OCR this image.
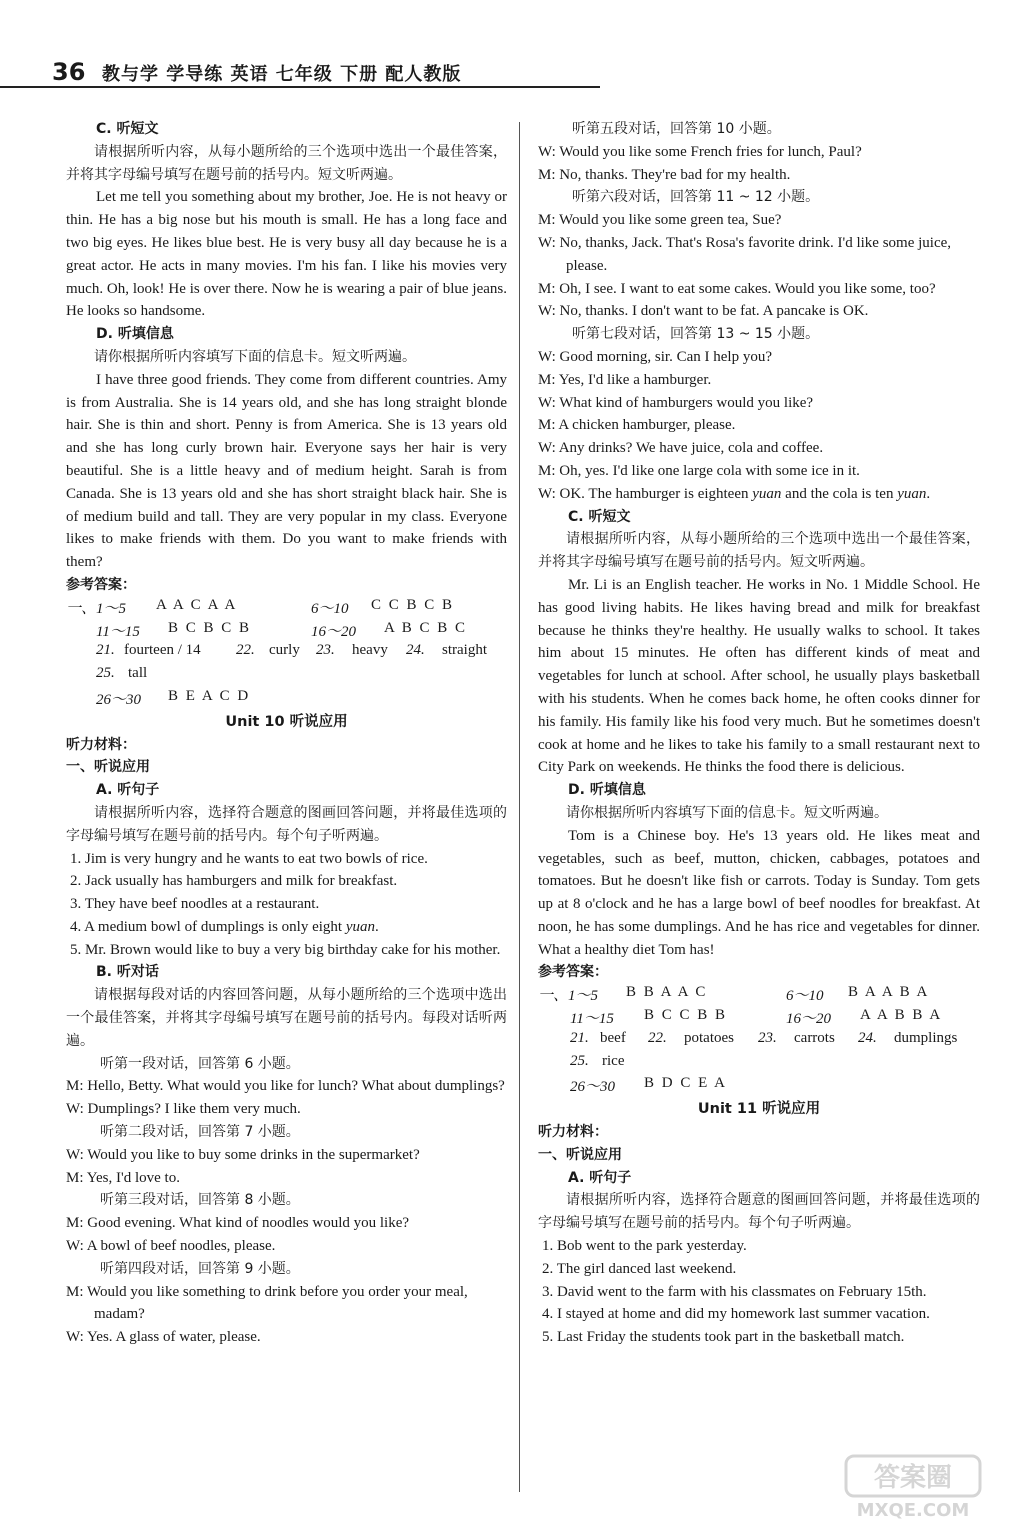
36 教与学 学导练 英语 七年级 下册 配人教版
C. 听短文
请根据所听内容，从每小题所给的三个选项中选出一个最佳答案，并将其字母编号填写在题号前的括号内。短文听两遍。
Let me tell you something about my brother, Joe. He is not heavy or thin. He has a big nose but his mouth is small. He has a long face and two big eyes. He likes blue best. He is very busy all day because he is a great actor. He acts in many movies. I'm his fan. I like his movies very much. Oh, look! He is over there. Now he is wearing a pair of blue jeans. He looks so handsome.
D. 听填信息
请你根据所听内容填写下面的信息卡。短文听两遍。
I have three good friends. They come from different countries. Amy is from Australia. She is 14 years old, and she has long straight blonde hair. She is thin and short. Penny is from America. She is 13 years old and she has long curly brown hair. Everyone says her hair is very beautiful. She is a little heavy and of medium height. Sarah is from Canada. She is 13 years old and she has short straight black hair. She is of medium build and tall. They are very popular in my class. Everyone likes to make friends with them. Do you want to make friends with them?
参考答案：
一、1～5 A A C A A	6～10 C C B C B
11～15 B C B C B	16～20 A B C B C
21. fourteen / 14 22. curly 23. heavy 24. straight
25. tall
26～30 B E A C D
Unit 10 听说应用
听力材料：
一、听说应用
A. 听句子
请根据所听内容，选择符合题意的图画回答问题，并将最佳选项的字母编号填写在题号前的括号内。每个句子听两遍。
1. Jim is very hungry and he wants to eat two bowls of rice.
2. Jack usually has hamburgers and milk for breakfast.
3. They have beef noodles at a restaurant.
4. A medium bowl of dumplings is only eight yuan.
5. Mr. Brown would like to buy a very big birthday cake for his mother.
B. 听对话
请根据每段对话的内容回答问题，从每小题所给的三个选项中选出一个最佳答案，并将其字母编号填写在题号前的括号内。每段对话听两遍。
听第一段对话，回答第 6 小题。
M: Hello, Betty. What would you like for lunch? What about dumplings?
W: Dumplings? I like them very much.
听第二段对话，回答第 7 小题。
W: Would you like to buy some drinks in the supermarket?
M: Yes, I'd love to.
听第三段对话，回答第 8 小题。
M: Good evening. What kind of noodles would you like?
W: A bowl of beef noodles, please.
听第四段对话，回答第 9 小题。
M: Would you like something to drink before you order your meal, madam?
W: Yes. A glass of water, please.
听第五段对话，回答第 10 小题。
W: Would you like some French fries for lunch, Paul?
M: No, thanks. They're bad for my health.
听第六段对话，回答第 11 ~ 12 小题。
M: Would you like some green tea, Sue?
W: No, thanks, Jack. That's Rosa's favorite drink. I'd like some juice, please.
M: Oh, I see. I want to eat some cakes. Would you like some, too?
W: No, thanks. I don't want to be fat. A pancake is OK.
听第七段对话，回答第 13 ~ 15 小题。
W: Good morning, sir. Can I help you?
M: Yes, I'd like a hamburger.
W: What kind of hamburgers would you like?
M: A chicken hamburger, please.
W: Any drinks? We have juice, cola and coffee.
M: Oh, yes. I'd like one large cola with some ice in it.
W: OK. The hamburger is eighteen yuan and the cola is ten yuan.
C. 听短文
请根据所听内容，从每小题所给的三个选项中选出一个最佳答案，并将其字母编号填写在题号前的括号内。短文听两遍。
Mr. Li is an English teacher. He works in No. 1 Middle School. He has good living habits. He likes having bread and milk for breakfast because he thinks they're healthy. He usually walks to school. It takes him about 15 minutes. He often has different kinds of meat and vegetables for lunch at school. After school, he usually plays basketball with his students. When he comes back home, he often cooks dinner for his family. His family like his food very much. But he sometimes doesn't cook at home and he likes to take his family to a small restaurant next to City Park on weekends. He thinks the food there is delicious.
D. 听填信息
请你根据所听内容填写下面的信息卡。短文听两遍。
Tom is a Chinese boy. He's 13 years old. He likes meat and vegetables, such as beef, mutton, chicken, cabbages, potatoes and tomatoes. But he doesn't like fish or carrots. Today is Sunday. Tom gets up at 8 o'clock and he has a large bowl of beef noodles for breakfast. At noon, he has some dumplings. And he has rice and vegetables for dinner. What a healthy diet Tom has!
参考答案：
一、1～5 B B A A C	6～10 B A A B A
11～15 B C C B B	16～20 A A B B A
21. beef 22. potatoes 23. carrots 24. dumplings
25. rice
26～30 B D C E A
Unit 11 听说应用
听力材料：
一、听说应用
A. 听句子
请根据所听内容，选择符合题意的图画回答问题，并将最佳选项的字母编号填写在题号前的括号内。每个句子听两遍。
1. Bob went to the park yesterday.
2. The girl danced last weekend.
3. David went to the farm with his classmates on February 15th.
4. I stayed at home and did my homework last summer vacation.
5. Last Friday the students took part in the basketball match.
答案圈
MXQE.COM
